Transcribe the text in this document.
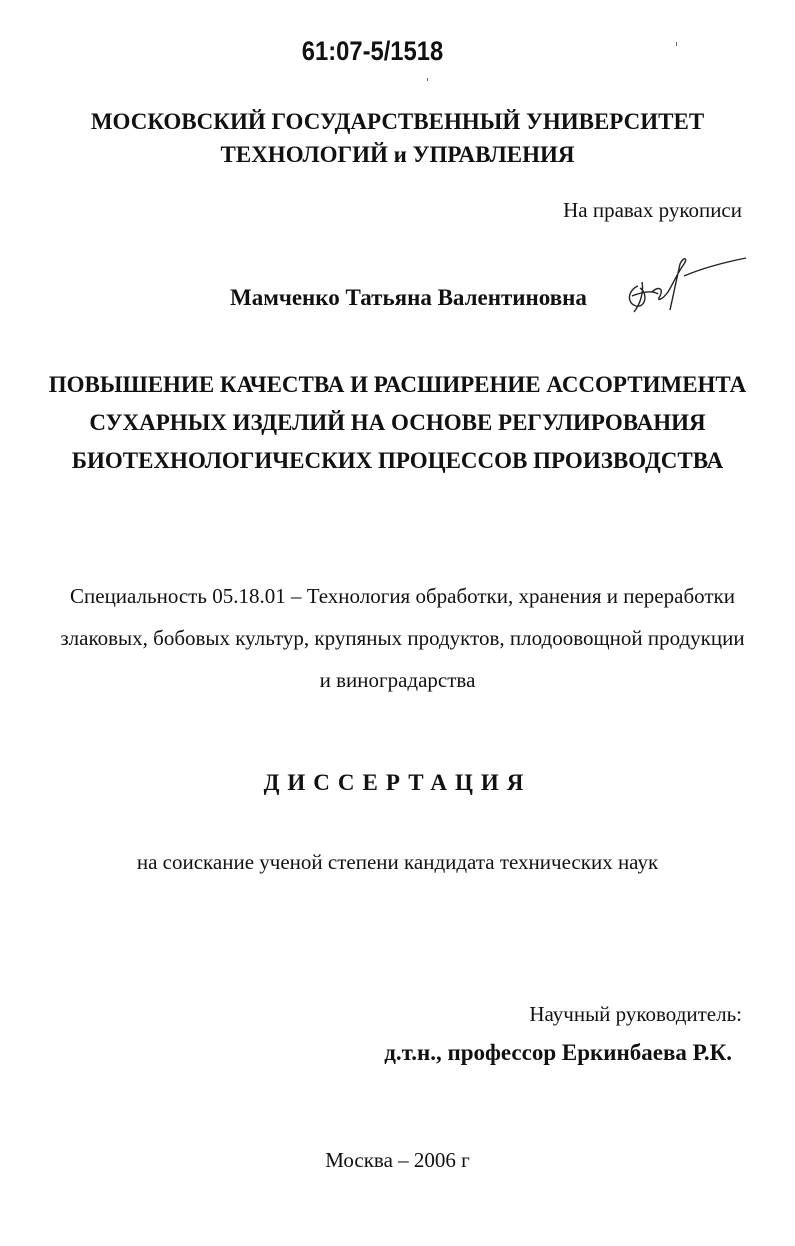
61:07-5/1518
МОСКОВСКИЙ ГОСУДАРСТВЕННЫЙ УНИВЕРСИТЕТ
ТЕХНОЛОГИЙ и УПРАВЛЕНИЯ
На правах рукописи
Мамченко Татьяна Валентиновна
ПОВЫШЕНИЕ КАЧЕСТВА И РАСШИРЕНИЕ АССОРТИМЕНТА
СУХАРНЫХ ИЗДЕЛИЙ НА ОСНОВЕ РЕГУЛИРОВАНИЯ
БИОТЕХНОЛОГИЧЕСКИХ ПРОЦЕССОВ ПРОИЗВОДСТВА
Специальность 05.18.01 – Технология обработки, хранения и переработки
злаковых, бобовых культур, крупяных продуктов, плодоовощной продукции
и виноградарства
ДИССЕРТАЦИЯ
на соискание ученой степени кандидата технических наук
Научный руководитель:
д.т.н., профессор Еркинбаева Р.К.
Москва – 2006 г
